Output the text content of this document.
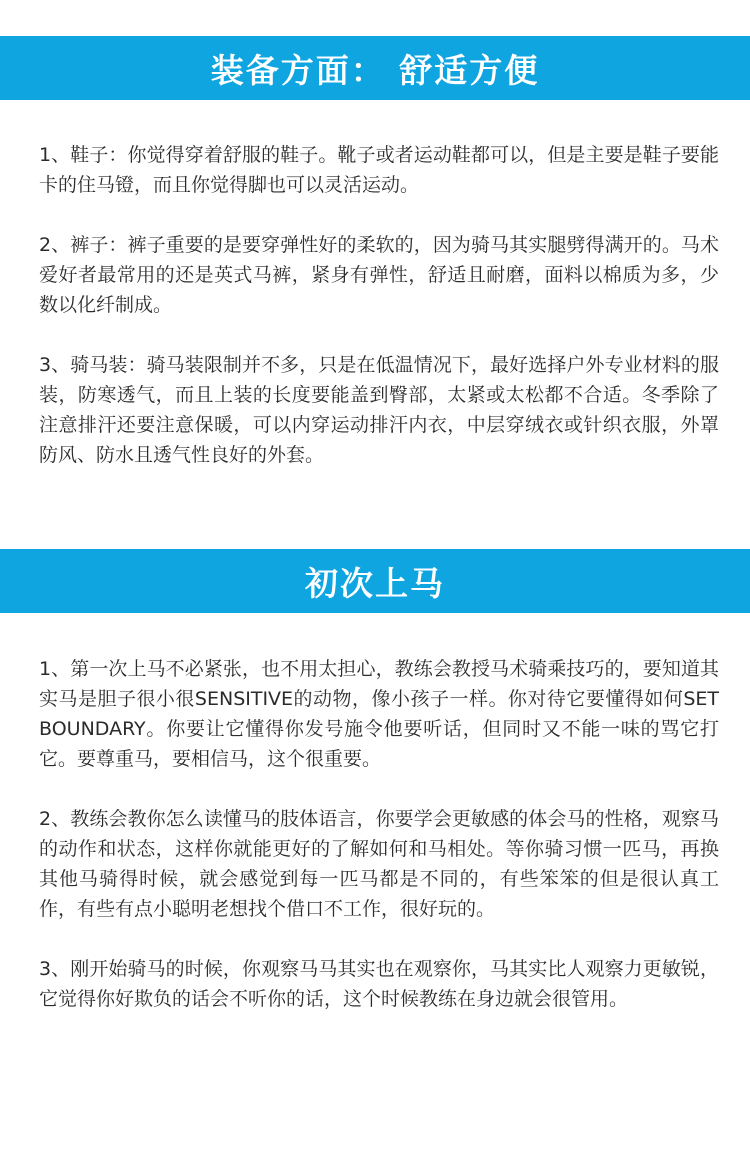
装备方面： 舒适方便

1、鞋子：你觉得穿着舒服的鞋子。靴子或者运动鞋都可以，但是主要是鞋子要能卡的住马镫，而且你觉得脚也可以灵活运动。

2、裤子：裤子重要的是要穿弹性好的柔软的，因为骑马其实腿劈得满开的。马术爱好者最常用的还是英式马裤，紧身有弹性，舒适且耐磨，面料以棉质为多，少数以化纤制成。

3、骑马装：骑马装限制并不多，只是在低温情况下，最好选择户外专业材料的服装，防寒透气，而且上装的长度要能盖到臀部，太紧或太松都不合适。冬季除了注意排汗还要注意保暖，可以内穿运动排汗内衣，中层穿绒衣或针织衣服，外罩防风、防水且透气性良好的外套。

初次上马

1、第一次上马不必紧张，也不用太担心，教练会教授马术骑乘技巧的，要知道其实马是胆子很小很SENSITIVE的动物，像小孩子一样。你对待它要懂得如何SET BOUNDARY。你要让它懂得你发号施令他要听话，但同时又不能一味的骂它打它。要尊重马，要相信马，这个很重要。

2、教练会教你怎么读懂马的肢体语言，你要学会更敏感的体会马的性格，观察马的动作和状态，这样你就能更好的了解如何和马相处。等你骑习惯一匹马，再换其他马骑得时候，就会感觉到每一匹马都是不同的，有些笨笨的但是很认真工作，有些有点小聪明老想找个借口不工作，很好玩的。

3、刚开始骑马的时候，你观察马马其实也在观察你，马其实比人观察力更敏锐，它觉得你好欺负的话会不听你的话，这个时候教练在身边就会很管用。
